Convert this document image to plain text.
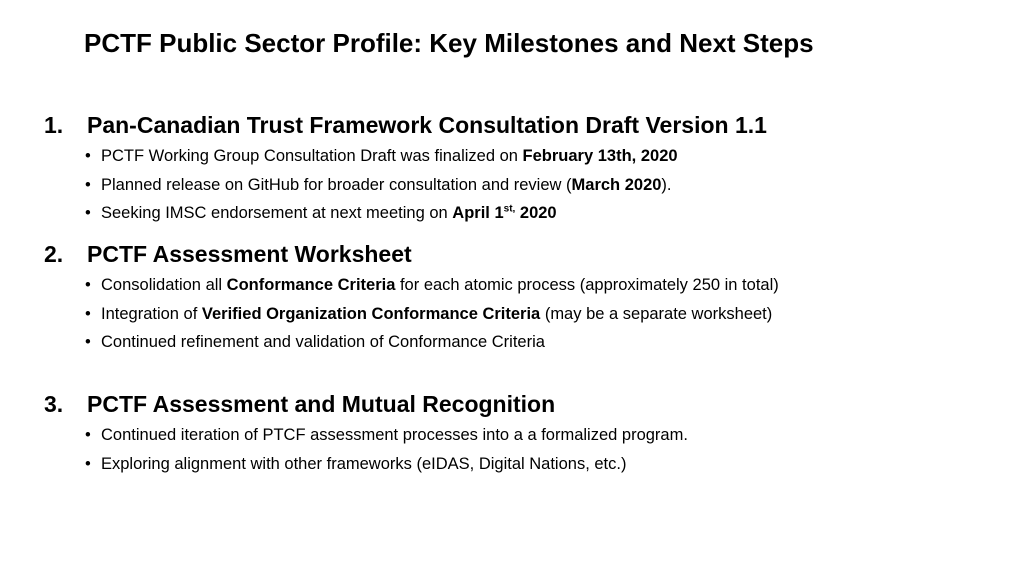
PCTF Public Sector Profile: Key Milestones and Next Steps
1. Pan-Canadian Trust Framework Consultation Draft Version 1.1
• PCTF Working Group Consultation Draft was finalized on February 13th, 2020
• Planned release on GitHub for broader consultation and review (March 2020).
• Seeking IMSC endorsement at next meeting on April $1^{st,}$ 2020
2. PCTF Assessment Worksheet
• Consolidation all Conformance Criteria for each atomic process (approximately 250 in total)
• Integration of Verified Organization Conformance Criteria (may be a separate worksheet)
• Continued refinement and validation of Conformance Criteria
3. PCTF Assessment and Mutual Recognition
• Continued iteration of PTCF assessment processes into a a formalized program.
• Exploring alignment with other frameworks (eIDAS, Digital Nations, etc.)
